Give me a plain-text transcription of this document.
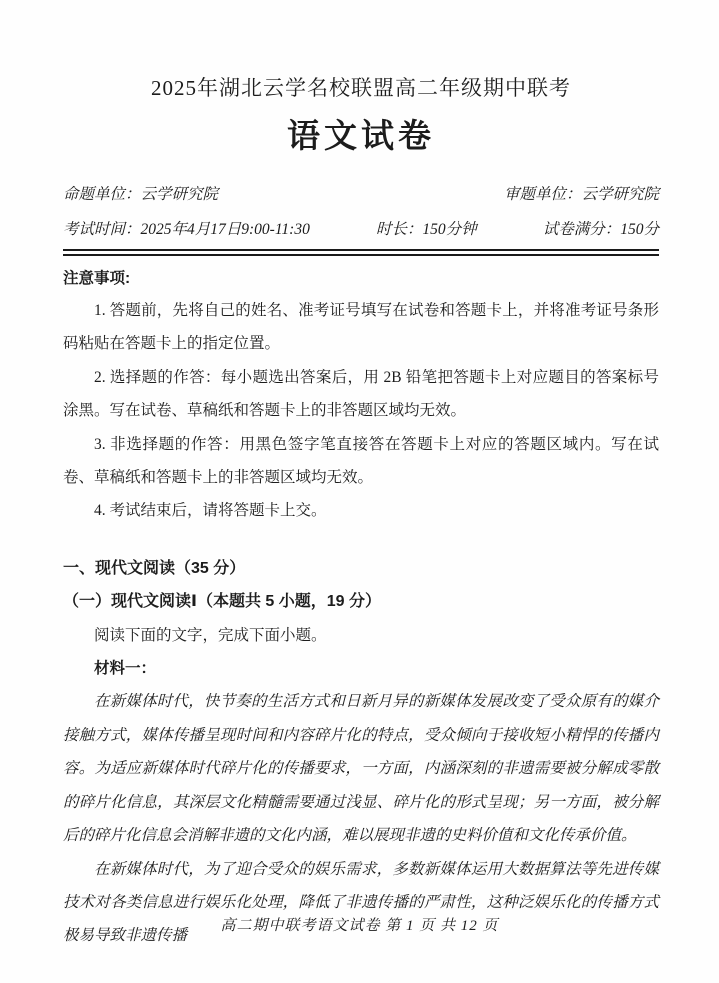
2025年湖北云学名校联盟高二年级期中联考
语文试卷
命题单位：云学研究院	审题单位：云学研究院
考试时间：2025年4月17日9:00-11:30	时长：150分钟	试卷满分：150分
注意事项:

1. 答题前，先将自己的姓名、准考证号填写在试卷和答题卡上，并将准考证号条形码粘贴在答题卡上的指定位置。

2. 选择题的作答：每小题选出答案后，用 2B 铅笔把答题卡上对应题目的答案标号涂黑。写在试卷、草稿纸和答题卡上的非答题区域均无效。

3. 非选择题的作答：用黑色签字笔直接答在答题卡上对应的答题区域内。写在试卷、草稿纸和答题卡上的非答题区域均无效。

4. 考试结束后，请将答题卡上交。

一、现代文阅读（35 分）
（一）现代文阅读Ⅰ（本题共 5 小题，19 分）
阅读下面的文字，完成下面小题。
材料一：

在新媒体时代，快节奏的生活方式和日新月异的新媒体发展改变了受众原有的媒介接触方式，媒体传播呈现时间和内容碎片化的特点，受众倾向于接收短小精悍的传播内容。为适应新媒体时代碎片化的传播要求，一方面，内涵深刻的非遗需要被分解成零散的碎片化信息，其深层文化精髓需要通过浅显、碎片化的形式呈现；另一方面，被分解后的碎片化信息会消解非遗的文化内涵，难以展现非遗的史料价值和文化传承价值。

在新媒体时代，为了迎合受众的娱乐需求，多数新媒体运用大数据算法等先进传媒技术对各类信息进行娱乐化处理，降低了非遗传播的严肃性，这种泛娱乐化的传播方式极易导致非遗传播

高二期中联考语文试卷 第 1 页 共 12 页
